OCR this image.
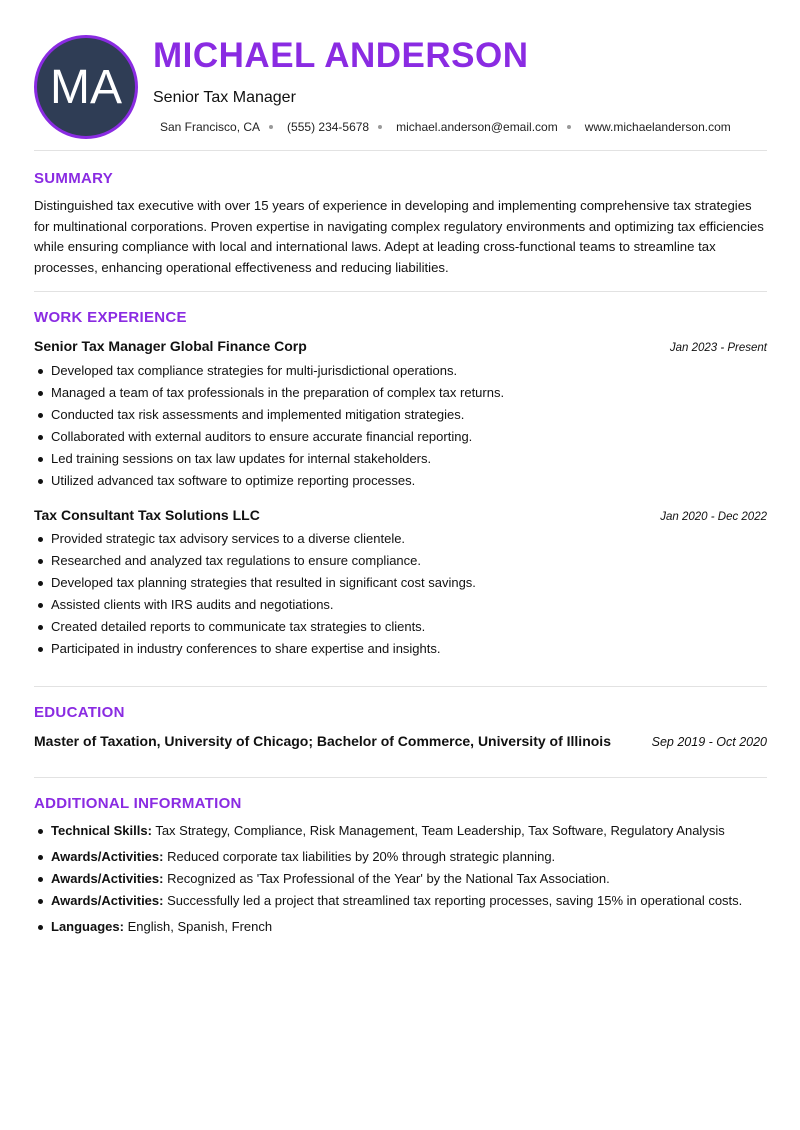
MA
MICHAEL ANDERSON
Senior Tax Manager
San Francisco, CA (555) 234-5678 michael.anderson@email.com www.michaelanderson.com
SUMMARY
Distinguished tax executive with over 15 years of experience in developing and implementing comprehensive tax strategies for multinational corporations. Proven expertise in navigating complex regulatory environments and optimizing tax efficiencies while ensuring compliance with local and international laws. Adept at leading cross-functional teams to streamline tax processes, enhancing operational effectiveness and reducing liabilities.
WORK EXPERIENCE
Senior Tax Manager Global Finance Corp	Jan 2023 - Present
Developed tax compliance strategies for multi-jurisdictional operations.
Managed a team of tax professionals in the preparation of complex tax returns.
Conducted tax risk assessments and implemented mitigation strategies.
Collaborated with external auditors to ensure accurate financial reporting.
Led training sessions on tax law updates for internal stakeholders.
Utilized advanced tax software to optimize reporting processes.
Tax Consultant Tax Solutions LLC	Jan 2020 - Dec 2022
Provided strategic tax advisory services to a diverse clientele.
Researched and analyzed tax regulations to ensure compliance.
Developed tax planning strategies that resulted in significant cost savings.
Assisted clients with IRS audits and negotiations.
Created detailed reports to communicate tax strategies to clients.
Participated in industry conferences to share expertise and insights.
EDUCATION
Master of Taxation, University of Chicago; Bachelor of Commerce, University of Illinois	Sep 2019 - Oct 2020
ADDITIONAL INFORMATION
Technical Skills: Tax Strategy, Compliance, Risk Management, Team Leadership, Tax Software, Regulatory Analysis
Awards/Activities: Reduced corporate tax liabilities by 20% through strategic planning.
Awards/Activities: Recognized as 'Tax Professional of the Year' by the National Tax Association.
Awards/Activities: Successfully led a project that streamlined tax reporting processes, saving 15% in operational costs.
Languages: English, Spanish, French
